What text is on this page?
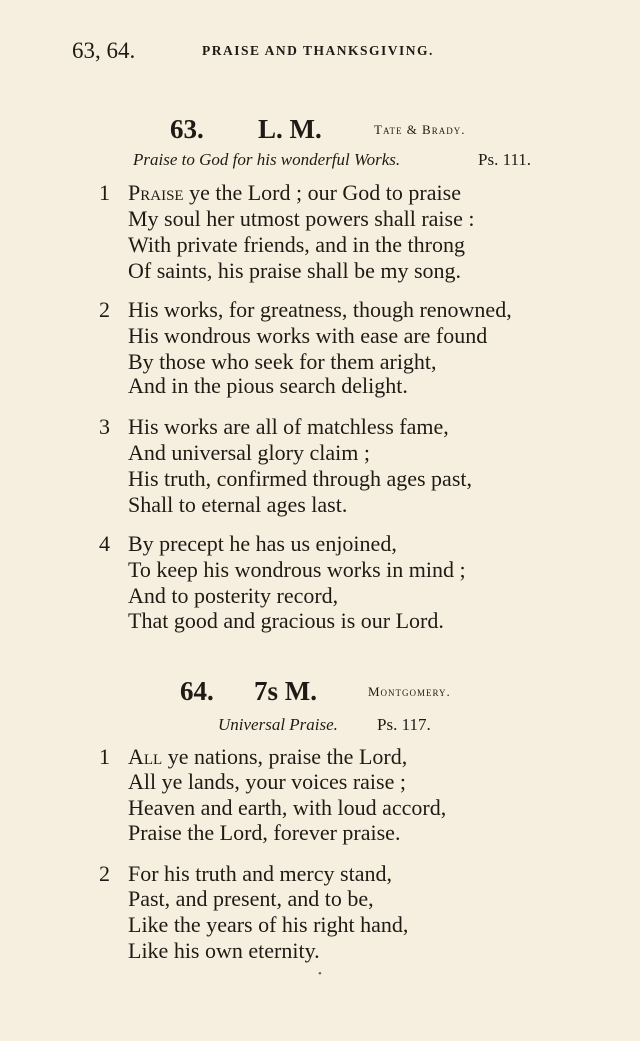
63, 64.	PRAISE AND THANKSGIVING.
63. L. M.	Tate & Brady.
Praise to God for his wonderful Works.	Ps. 111.
1 Praise ye the Lord ; our God to praise
My soul her utmost powers shall raise :
With private friends, and in the throng
Of saints, his praise shall be my song.
2 His works, for greatness, though renowned,
His wondrous works with ease are found
By those who seek for them aright,
And in the pious search delight.
3 His works are all of matchless fame,
And universal glory claim ;
His truth, confirmed through ages past,
Shall to eternal ages last.
4 By precept he has us enjoined,
To keep his wondrous works in mind ;
And to posterity record,
That good and gracious is our Lord.
64. 7s M.	Montgomery.
Universal Praise. Ps. 117.
1 All ye nations, praise the Lord,
All ye lands, your voices raise ;
Heaven and earth, with loud accord,
Praise the Lord, forever praise.
2 For his truth and mercy stand,
Past, and present, and to be,
Like the years of his right hand,
Like his own eternity.
•
